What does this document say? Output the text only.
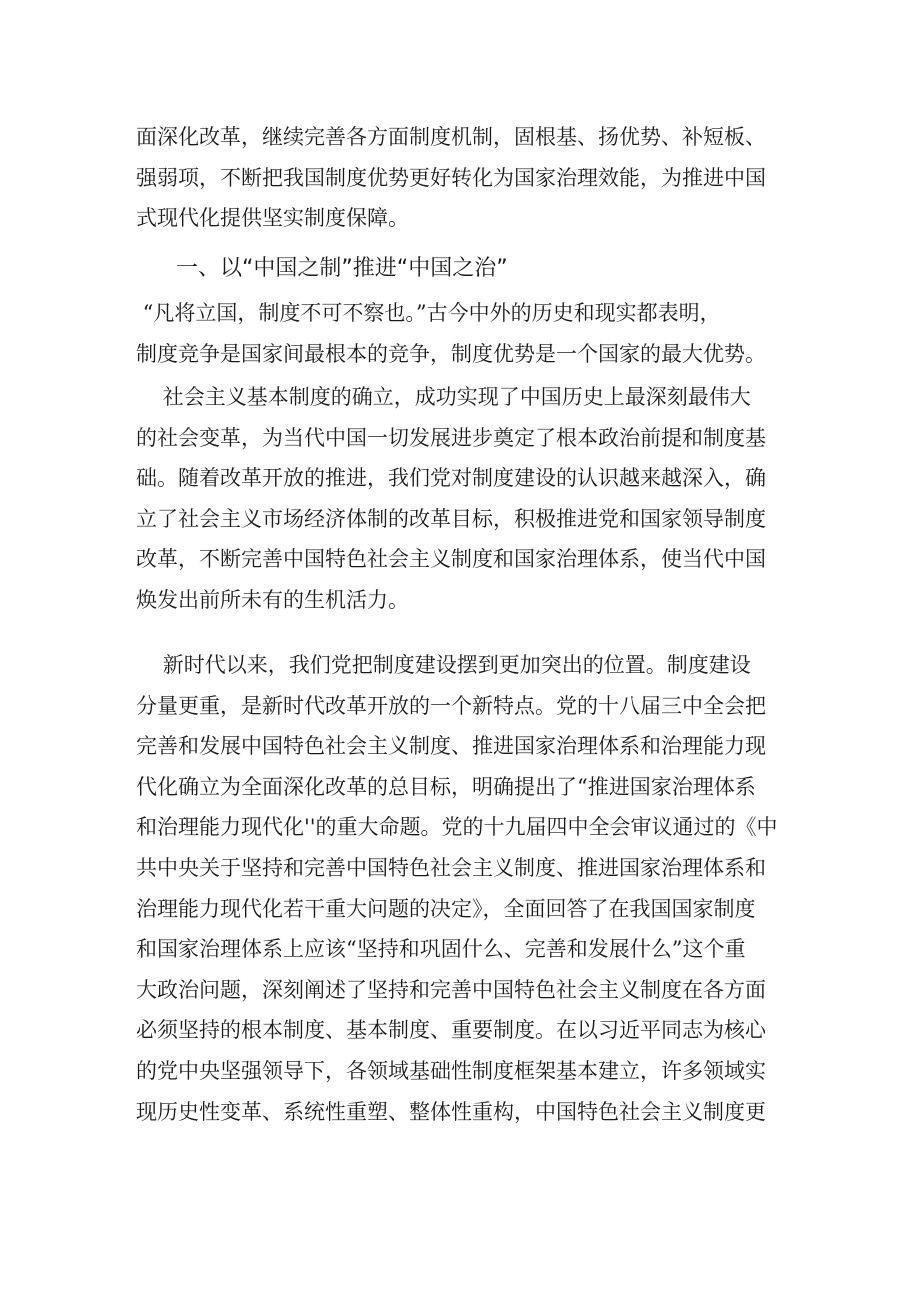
面深化改革，继续完善各方面制度机制，固根基、扬优势、补短板、
强弱项，不断把我国制度优势更好转化为国家治理效能，为推进中国
式现代化提供坚实制度保障。
一、以“中国之制”推进“中国之治”
“凡将立国，制度不可不察也。”古今中外的历史和现实都表明，
制度竞争是国家间最根本的竞争，制度优势是一个国家的最大优势。
社会主义基本制度的确立，成功实现了中国历史上最深刻最伟大
的社会变革，为当代中国一切发展进步奠定了根本政治前提和制度基
础。随着改革开放的推进，我们党对制度建设的认识越来越深入，确
立了社会主义市场经济体制的改革目标，积极推进党和国家领导制度
改革，不断完善中国特色社会主义制度和国家治理体系，使当代中国
焕发出前所未有的生机活力。
新时代以来，我们党把制度建设摆到更加突出的位置。制度建设
分量更重，是新时代改革开放的一个新特点。党的十八届三中全会把
完善和发展中国特色社会主义制度、推进国家治理体系和治理能力现
代化确立为全面深化改革的总目标，明确提出了“推进国家治理体系
和治理能力现代化''的重大命题。党的十九届四中全会审议通过的《中
共中央关于坚持和完善中国特色社会主义制度、推进国家治理体系和
治理能力现代化若干重大问题的决定》，全面回答了在我国国家制度
和国家治理体系上应该“坚持和巩固什么、完善和发展什么”这个重
大政治问题，深刻阐述了坚持和完善中国特色社会主义制度在各方面
必须坚持的根本制度、基本制度、重要制度。在以习近平同志为核心
的党中央坚强领导下，各领域基础性制度框架基本建立，许多领域实
现历史性变革、系统性重塑、整体性重构，中国特色社会主义制度更
